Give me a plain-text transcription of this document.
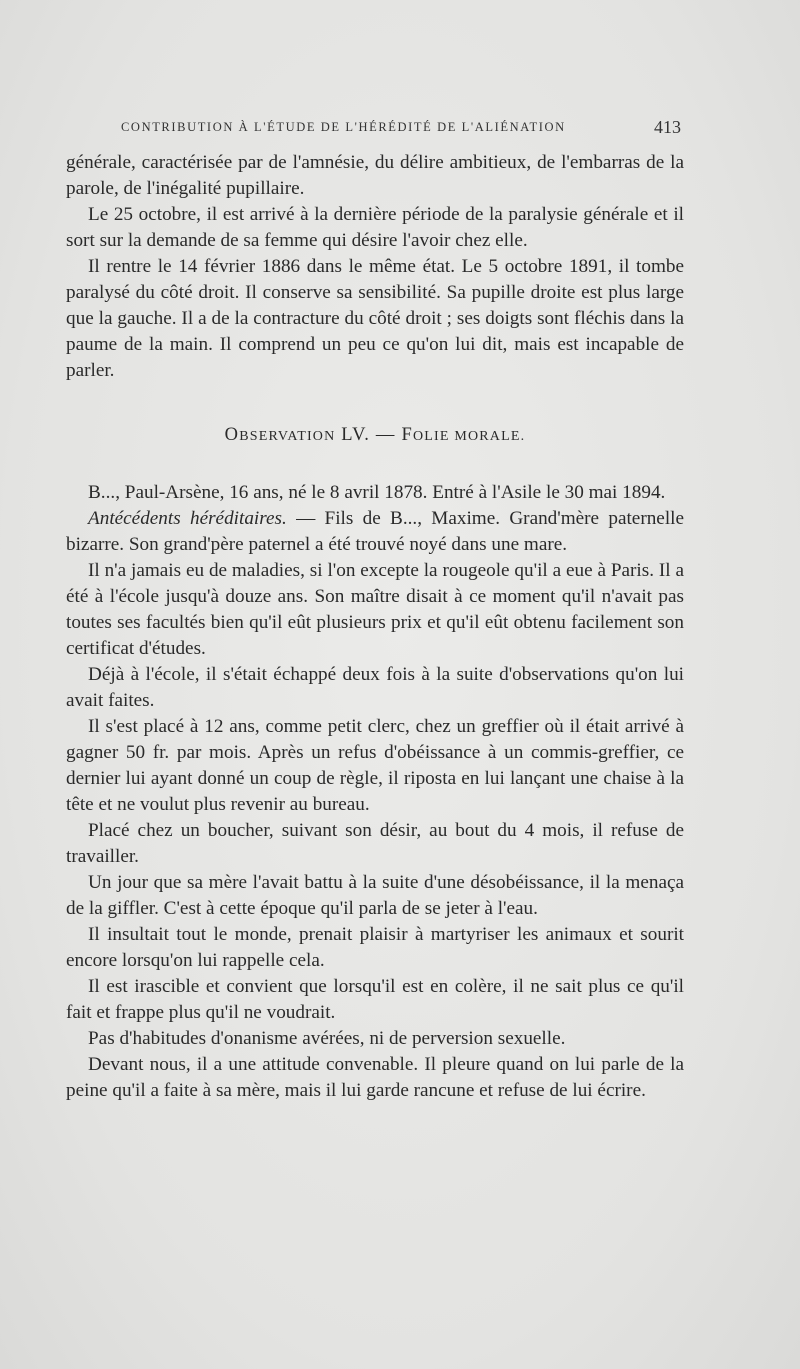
CONTRIBUTION À L'ÉTUDE DE L'HÉRÉDITÉ DE L'ALIÉNATION	413

générale, caractérisée par de l'amnésie, du délire ambitieux, de l'embarras de la parole, de l'inégalité pupillaire.

Le 25 octobre, il est arrivé à la dernière période de la paralysie générale et il sort sur la demande de sa femme qui désire l'avoir chez elle.

Il rentre le 14 février 1886 dans le même état. Le 5 octobre 1891, il tombe paralysé du côté droit. Il conserve sa sensibilité. Sa pupille droite est plus large que la gauche. Il a de la contracture du côté droit ; ses doigts sont fléchis dans la paume de la main. Il comprend un peu ce qu'on lui dit, mais est incapable de parler.

OBSERVATION LV. — FOLIE MORALE.

B..., Paul-Arsène, 16 ans, né le 8 avril 1878. Entré à l'Asile le 30 mai 1894.

Antécédents héréditaires. — Fils de B..., Maxime. Grand'mère paternelle bizarre. Son grand'père paternel a été trouvé noyé dans une mare.

Il n'a jamais eu de maladies, si l'on excepte la rougeole qu'il a eue à Paris. Il a été à l'école jusqu'à douze ans. Son maître disait à ce moment qu'il n'avait pas toutes ses facultés bien qu'il eût plusieurs prix et qu'il eût obtenu facilement son certificat d'études.

Déjà à l'école, il s'était échappé deux fois à la suite d'observations qu'on lui avait faites.

Il s'est placé à 12 ans, comme petit clerc, chez un greffier où il était arrivé à gagner 50 fr. par mois. Après un refus d'obéissance à un commis-greffier, ce dernier lui ayant donné un coup de règle, il riposta en lui lançant une chaise à la tête et ne voulut plus revenir au bureau.

Placé chez un boucher, suivant son désir, au bout du 4 mois, il refuse de travailler.

Un jour que sa mère l'avait battu à la suite d'une désobéissance, il la menaça de la giffler. C'est à cette époque qu'il parla de se jeter à l'eau.

Il insultait tout le monde, prenait plaisir à martyriser les animaux et sourit encore lorsqu'on lui rappelle cela.

Il est irascible et convient que lorsqu'il est en colère, il ne sait plus ce qu'il fait et frappe plus qu'il ne voudrait.

Pas d'habitudes d'onanisme avérées, ni de perversion sexuelle.

Devant nous, il a une attitude convenable. Il pleure quand on lui parle de la peine qu'il a faite à sa mère, mais il lui garde rancune et refuse de lui écrire.
